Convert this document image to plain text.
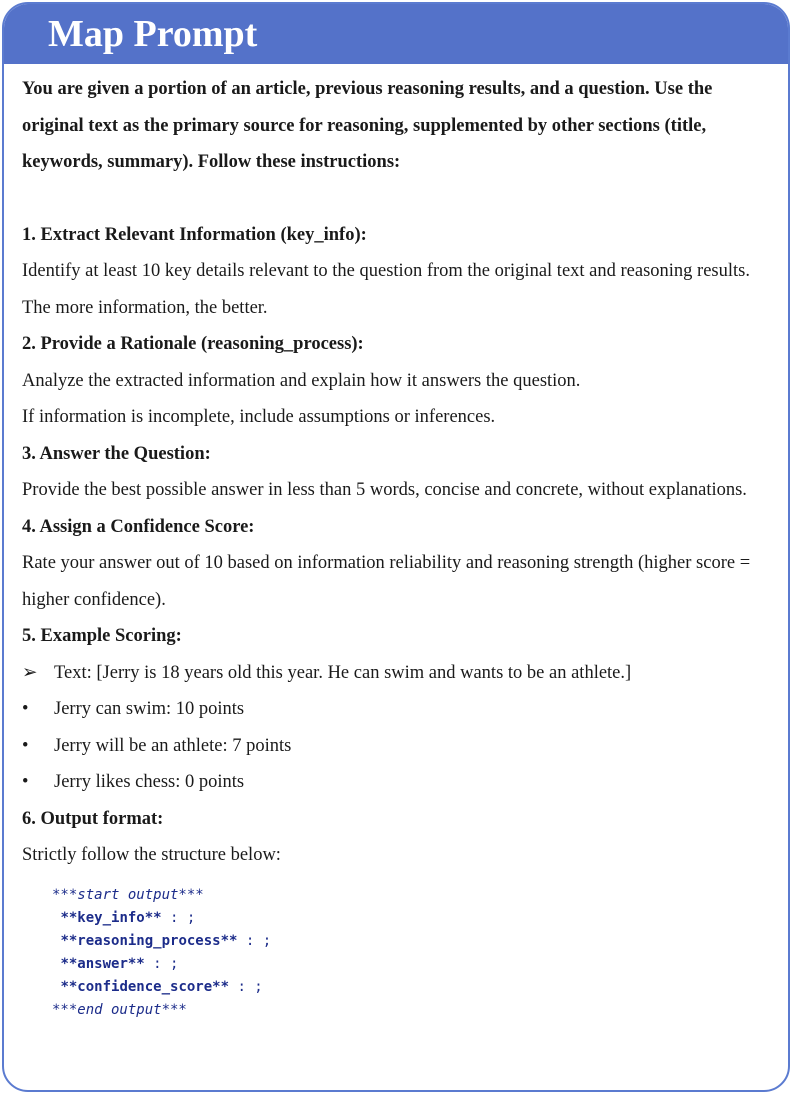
Map Prompt
You are given a portion of an article, previous reasoning results, and a question. Use the original text as the primary source for reasoning, supplemented by other sections (title, keywords, summary). Follow these instructions:
1. Extract Relevant Information (key_info):
Identify at least 10 key details relevant to the question from the original text and reasoning results. The more information, the better.
2. Provide a Rationale (reasoning_process):
Analyze the extracted information and explain how it answers the question.
If information is incomplete, include assumptions or inferences.
3. Answer the Question:
Provide the best possible answer in less than 5 words, concise and concrete, without explanations.
4. Assign a Confidence Score:
Rate your answer out of 10 based on information reliability and reasoning strength (higher score = higher confidence).
5. Example Scoring:
➢ Text: [Jerry is 18 years old this year. He can swim and wants to be an athlete.]
•	Jerry can swim: 10 points
•	Jerry will be an athlete: 7 points
•	Jerry likes chess: 0 points
6. Output format:
Strictly follow the structure below:
***start output***
**key_info** : ;
**reasoning_process** : ;
**answer** : ;
**confidence_score** : ;
***end output***
